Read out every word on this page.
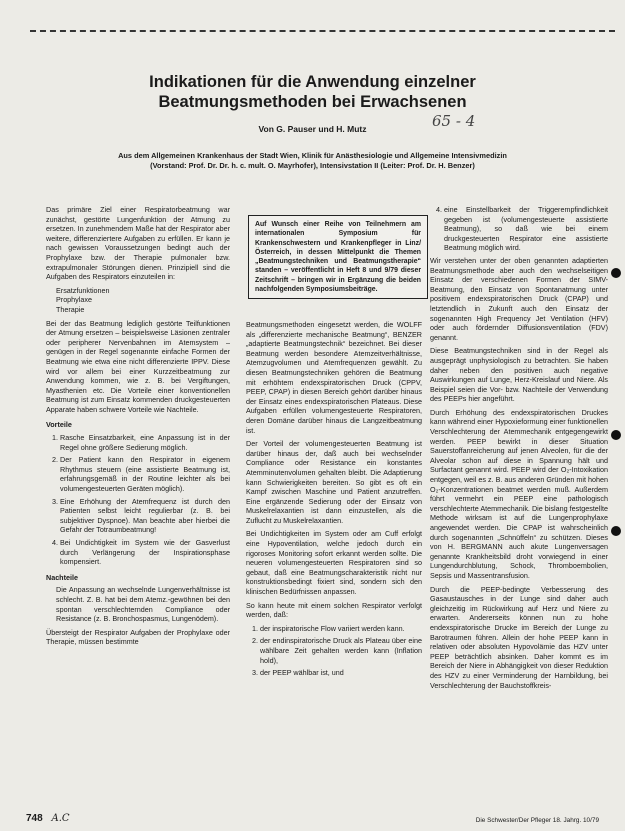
Indikationen für die Anwendung einzelner
Beatmungsmethoden bei Erwachsenen
Von G. Pauser und H. Mutz	65 - 4
Aus dem Allgemeinen Krankenhaus der Stadt Wien, Klinik für Anästhesiologie und Allgemeine Intensivmedizin
(Vorstand: Prof. Dr. Dr. h. c. mult. O. Mayrhofer), Intensivstation II (Leiter: Prof. Dr. H. Benzer)

Das primäre Ziel einer Respiratorbeatmung war zunächst, gestörte Lungenfunktion der Atmung zu ersetzen. In zunehmendem Maße hat der Respirator aber weitere, differenziertere Aufgaben zu erfüllen. Er kann je nach gewissen Voraussetzungen bedingt auch der Prophylaxe bzw. der Therapie pulmonaler bzw. extrapulmonaler Störungen dienen. Prinzipiell sind die Aufgaben des Respirators einzuteilen in:

Ersatzfunktionen
Prophylaxe
Therapie

Bei der das Beatmung lediglich gestörte Teilfunktionen der Atmung ersetzen – beispielsweise Läsionen zentraler oder peripherer Nervenbahnen im Atemsystem – genügen in der Regel sogenannte einfache Formen der Beatmung wie etwa eine nicht differenzierte IPPV. Diese wird vor allem bei einer Kurzzeitbeatmung zur Anwendung kommen, wie z. B. bei Vergiftungen, Myasthenien etc. Die Vorteile einer konventionellen Beatmung ist zum Einsatz kommenden druckgesteuerten Apparate haben schwere Vorteile wie Nachteile.

Vorteile
1. Rasche Einsatzbarkeit, eine Anpassung ist in der Regel ohne größere Sedierung möglich.
2. Der Patient kann den Respirator in eigenem Rhythmus steuern (eine assistierte Beatmung ist, erfahrungsgemäß in der Routine leichter als bei volumengesteuerten Geräten möglich).
3. Eine Erhöhung der Atemfrequenz ist durch den Patienten selbst leicht regulierbar (z. B. bei subjektiver Dyspnoe). Man beachte aber hierbei die Gefahr der Totraumbeatmung!
4. Bei Undichtigkeit im System wie der Gasverlust durch Verlängerung der Inspirationsphase kompensiert.
Nachteile

Die Anpassung an wechselnde Lungenverhältnisse ist schlecht. Z. B. hat bei dem Atemz.-gewöhnen bei den spontan verschlechternden Compliance oder Resistance (z. B. Bronchospasmus, Lungenödem).

Übersteigt der Respirator Aufgaben der Prophylaxe oder Therapie, müssen bestimmte

Auf Wunsch einer Reihe von Teilnehmern am internationalen Symposium für Krankenschwestern und Krankenpfleger in Linz/Österreich, in dessen Mittelpunkt die Themen „Beatmungstechniken und Beatmungstherapie“ standen – veröffentlicht in Heft 8 und 9/79 dieser Zeitschrift – bringen wir in Ergänzung die beiden nachfolgenden Symposiumsbeiträge.

Beatmungsmethoden eingesetzt werden, die WOLFF als „differenzierte mechanische Beatmung“, BENZER „adaptierte Beatmungstechnik“ bezeichnet. Bei dieser Beatmung werden besondere Atemzeitverhältnisse, Atemzugvolumen und Atemfrequenzen gewählt. Zu diesen Beatmungstechniken gehören die Beatmung mit erhöhtem endexspiratorischen Druck (CPPV, PEEP, CPAP) in diesen Bereich gehört darüber hinaus der Einsatz eines endexspiratorischen Plateaus. Diese Aufgaben erfüllen volumengesteuerte Respiratoren, deren Domäne darüber hinaus die Langzeitbeatmung ist.

Der Vorteil der volumengesteuerten Beatmung ist darüber hinaus der, daß auch bei wechselnder Compliance oder Resistance ein konstantes Atemminutenvolumen gehalten bleibt. Die Adaptierung kann Schwierigkeiten bereiten. So gibt es oft ein Kampf zwischen Maschine und Patient anzutreffen. Eine ergänzende Sedierung oder der Einsatz von Muskelrelaxantien ist dann einzustellen, als die Zuflucht zu Muskelrelaxantien.

Bei Undichtigkeiten im System oder am Cuff erfolgt eine Hypoventilation, welche jedoch durch ein rigoroses Monitoring sofort erkannt werden sollte. Die neueren volumengesteuerten Respiratoren sind so gebaut, daß eine Beatmungscharakteristik nicht nur konstruktionsbedingt fixiert sind, sondern sich den klinischen Bedürfnissen anpassen.

So kann heute mit einem solchen Respirator verfolgt werden, daß:

1. der inspiratorische Flow variiert werden kann.
2. der endinspiratorische Druck als Plateau über eine wählbare Zeit gehalten werden kann (Inflation hold),
3. der PEEP wählbar ist, und
4. eine Einstellbarkeit der Triggerempfindlichkeit gegeben ist (volumengesteuerte assistierte Beatmung), so daß wie bei einem druckgesteuerten Respirator eine assistierte Beatmung möglich wird.

Wir verstehen unter der oben genannten adaptierten Beatmungsmethode aber auch den wechselseitigen Einsatz der verschiedenen Formen der SIMV-Beatmung, den Einsatz von Spontanatmung unter positivem endexspiratorischen Druck (CPAP) und letztendlich in Zukunft auch den Einsatz der sogenannten High Frequency Jet Ventilation (HFV) oder auch fördernder Diffusionsventilation (FDV) genannt.

Diese Beatmungstechniken sind in der Regel als ausgeprägt unphysiologisch zu betrachten. Sie haben daher neben den positiven auch negative Auswirkungen auf Lunge, Herz-Kreislauf und Niere. Als Beispiel seien die Vor- bzw. Nachteile der Verwendung des PEEPs hier angeführt.

Durch Erhöhung des endexspiratorischen Druckes kann während einer Hypoxieformung einer funktionellen Verschlechterung der Atemmechanik entgegengewirkt werden. PEEP bewirkt in dieser Situation Sauerstoffanreicherung auf jenen Alveolen, für die der Alveolar schon auf diese in Spannung hält und Surfactant genannt wird. PEEP wird der O₂-Intoxikation entgegen, weil es z. B. aus anderen Gründen mit hohen O₂-Konzentrationen beatmet werden muß. Außerdem führt vermehrt ein PEEP eine pathologisch verschlechterte Atemmechanik. Die bislang festgestellte Methode wirksam ist auf die Lungenprophylaxe angewendet werden. Die CPAP ist wahrscheinlich durch sogenannten „Schnüffeln“ zu schützen. Dieses von H. BERGMANN auch akute Lungenversagen genannte Krankheitsbild droht vorwiegend in einer Lungendurchblutung, Schock, Thromboembolien, Sepsis und Massentransfusion.

Durch die PEEP-bedingte Verbesserung des Gasaustausches in der Lunge sind daher auch gleichzeitig im Rückwirkung auf Herz und Niere zu erwarten. Andererseits können nun zu hohe endexspiratorische Drucke im Bereich der Lunge zu Barotraumen führen. Allein der hohe PEEP kann in relativen oder absoluten Hypovolämie das HZV unter PEEP beträchtlich absinken. Daher kommt es im Bereich der Niere in Abhängigkeit von dieser Reduktion des HZV zu einer Verminderung der Harnbildung, bei Verschlechterung der Bauchstoffkreis-

748 A.C	Die Schwester/Der Pfleger 18. Jahrg. 10/79
